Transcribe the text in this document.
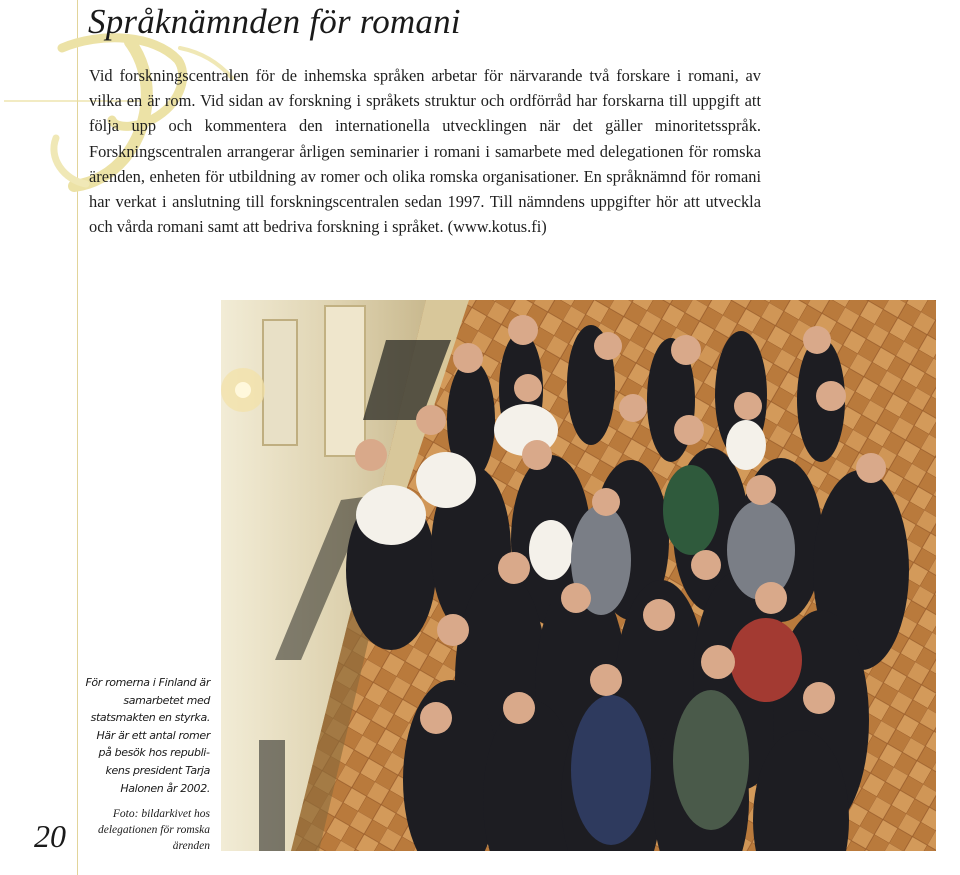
Språknämnden för romani

Vid forskningscentralen för de inhemska språken arbetar för närvarande två forskare i romani, av vilka en är rom. Vid sidan av forskning i språkets struktur och ordförråd har forskarna till uppgift att följa upp och kommentera den internationella utvecklingen när det gäller minoritetsspråk. Forskningscentralen arrangerar årligen seminarier i romani i samarbete med delegationen för romska ärenden, enheten för utbildning av romer och olika romska organisationer. En språknämnd för romani har verkat i anslutning till forskningscentralen sedan 1997. Till nämndens uppgifter hör att utveckla och vårda romani samt att bedriva forskning i språket. (www.kotus.fi)

För romerna i Finland är samarbetet med statsmakten en styrka. Här är ett antal romer på besök hos republikens president Tarja Halonen år 2002.

Foto: bildarkivet hos delegationen för romska ärenden

20
